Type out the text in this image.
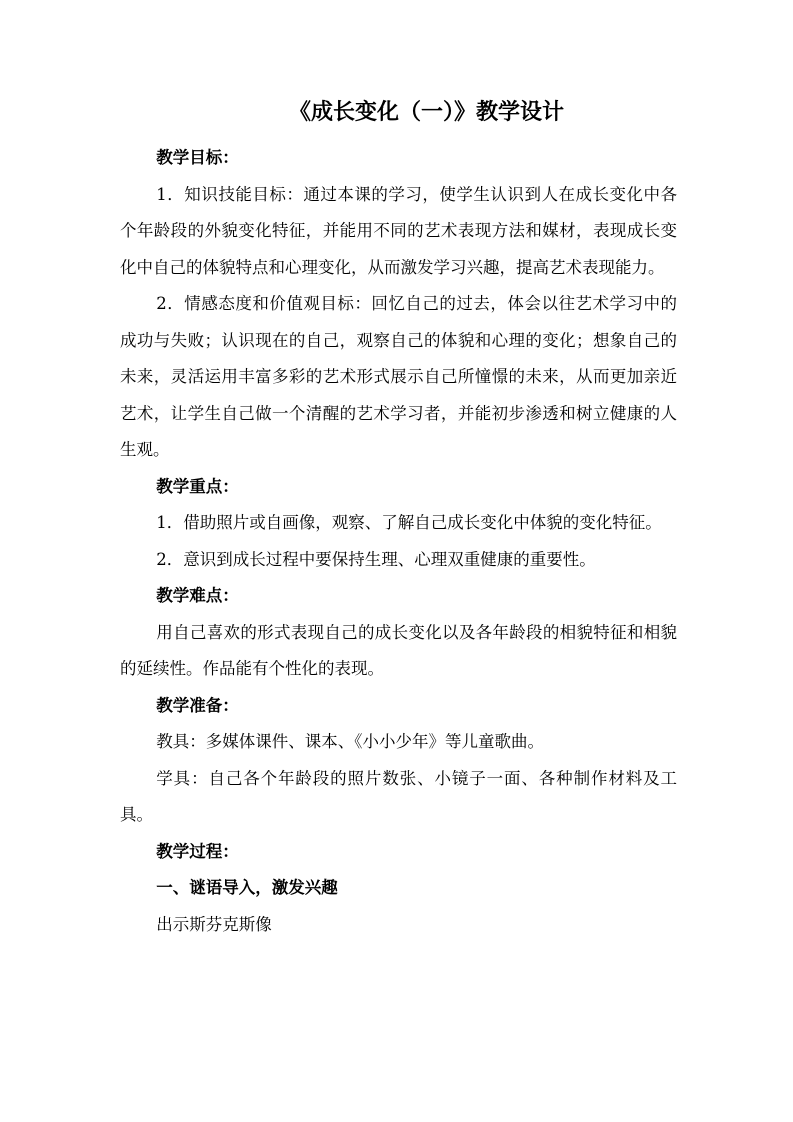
《成长变化（一）》教学设计

教学目标：

1．知识技能目标：通过本课的学习，使学生认识到人在成长变化中各个年龄段的外貌变化特征，并能用不同的艺术表现方法和媒材，表现成长变化中自己的体貌特点和心理变化，从而激发学习兴趣，提高艺术表现能力。

2．情感态度和价值观目标：回忆自己的过去，体会以往艺术学习中的成功与失败；认识现在的自己，观察自己的体貌和心理的变化；想象自己的未来，灵活运用丰富多彩的艺术形式展示自己所憧憬的未来，从而更加亲近艺术，让学生自己做一个清醒的艺术学习者，并能初步渗透和树立健康的人生观。

教学重点：

1．借助照片或自画像，观察、了解自己成长变化中体貌的变化特征。

2．意识到成长过程中要保持生理、心理双重健康的重要性。

教学难点：

用自己喜欢的形式表现自己的成长变化以及各年龄段的相貌特征和相貌的延续性。作品能有个性化的表现。

教学准备：

教具：多媒体课件、课本、《小小少年》等儿童歌曲。

学具：自己各个年龄段的照片数张、小镜子一面、各种制作材料及工具。

教学过程：

一、谜语导入，激发兴趣

出示斯芬克斯像
